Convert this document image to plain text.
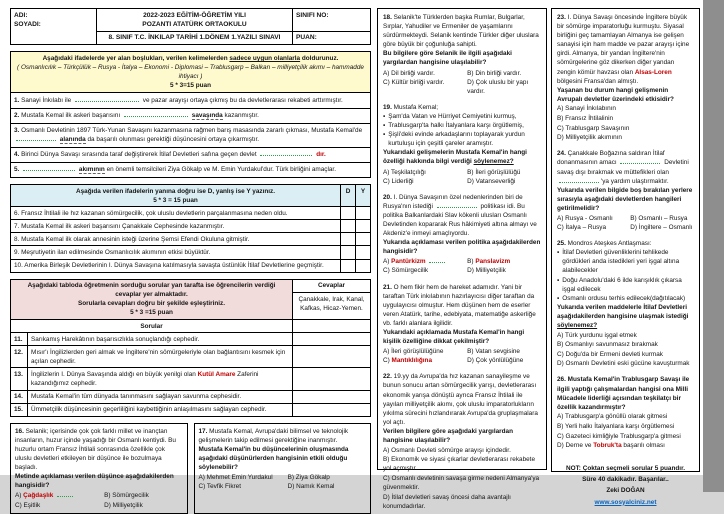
ADI:
SOYADI:

2022-2023 EĞİTİM-ÖĞRETİM YILI
POZANTI ATATÜRK ORTAOKULU

SINIFI NO:

	8. SINIF T.C. İNKILAP TARİHİ 1.DÖNEM 1.YAZILI SINAVI	PUAN:
Aşağıdaki ifadelerde yer alan boşlukları, verilen kelimelerden sadece uygun olanlarla doldurunuz.
( Osmanlıcılık – Türkçülük – Rusya - İtalya – Ekonomi - Diplomasi – Trablusgarp – Balkan – milliyetçilik akımı – hammadde ihtiyacı )
5 * 3=15 puan

1. Sanayi İnkılabı ile	ve pazar arayışı ortaya çıkmış bu da devletlerarası rekabeti arttırmıştır.
2. Mustafa Kemal ilk askeri başarısını	savaşında kazanmıştır.
3. Osmanlı Devletinin 1897 Türk-Yunan Savaşını kazanmasına rağmen barış masasında zararlı çıkması, Mustafa Kemal'de  alanında da başarılı olunması gerektiği düşüncesini ortaya çıkarmıştır.
4. Birinci Dünya Savaşı sırasında taraf değiştirerek İtilaf Devletleri safına geçen devlet	dır.
5.	akımının en önemli temsilcileri Ziya Gökalp ve M. Emin Yurdakul'dur. Türk birliğini amaçlar.
Aşağıda verilen ifadelerin yanına doğru ise D, yanlış ise Y yazınız.
5 * 3 = 15 puan	D	Y
6. Fransız İhtilali ile hız kazanan sömürgecilik, çok uluslu devletlerin parçalanmasına neden oldu.		
7. Mustafa Kemal ilk askeri başarısını Çanakkale Cephesinde kazanmıştır.		
8. Mustafa Kemal ilk olarak annesinin isteği üzerine Şemsi Efendi Okuluna gitmiştir.		
9. Meşrutiyetin ilan edilmesinde Osmanlıcılık akımının etkisi büyüktür.		
10. Amerika Birleşik Devletlerinin I. Dünya Savaşına katılmasıyla savaşta üstünlük İtilaf Devletlerine geçmiştir.		
Aşağıdaki tabloda öğretmenin sorduğu sorular yan tarafta ise öğrencilerin verdiği cevaplar yer almaktadır.
Sorularla cevapları doğru bir şekilde eşleştiriniz.
5 * 3 =15 puan

Cevaplar
Çanakkale, Irak, Kanal, Kafkas, Hicaz-Yemen.

Sorular		
11.	Sarıkamış Harekâtının başarısızlıkla sonuçlandığı cephedir.	
12.	Mısır'ı İngilizlerden geri almak ve İngiltere'nin sömürgeleriyle olan bağlantısını kesmek için açılan cephedir.	
13.	İngilizlerin I. Dünya Savaşında aldığı en büyük yenilgi olan Kutül Amare Zaferini kazandığımız cephedir.	
14.	Mustafa Kemal'in tüm dünyada tanınmasını sağlayan savunma cephesidir.	
15.	Ümmetçilik düşüncesinin geçerliliğini kaybettiğinin anlaşılmasını sağlayan cephedir.	
16. Selanik; içerisinde çok çok farklı millet ve inançtan insanların, huzur içinde yaşadığı bir Osmanlı kentiydi. Bu huzurlu ortam Fransız İhtilali sonrasında özellikle çok uluslu devletleri etkileyen bir düşünce ile bozulmaya başladı.
Metinde açıklaması verilen düşünce aşağıdakilerden hangisidir?
A) Çağdaşlık	B) Sömürgecilik
C) Eşitlik	D) Milliyetçilik
17. Mustafa Kemal, Avrupa'daki bilimsel ve teknolojik gelişmelerin takip edilmesi gerektiğine inanmıştır.
Mustafa Kemal'in bu düşüncelerinin oluşmasında aşağıdaki düşünürlerden hangisinin etkili olduğu söylenebilir?
A) Mehmet Emin Yurdakul	B) Ziya Gökalp
C) Tevfik Fikret	D) Namık Kemal
18. Selanik'te Türklerden başka Rumlar, Bulgarlar, Sırplar, Yahudiler ve Ermeniler de yaşamlarını sürdürmekteydi. Selanik kentinde Türkler diğer uluslara göre büyük bir çoğunluğa sahipti.
Bu bilgilere göre Selanik ile ilgili aşağıdaki yargılardan hangisine ulaşılabilir?
A) Dil birliği vardır.	B) Din birliği vardır.
C) Kültür birliği vardır.	D) Çok uluslu bir yapı vardır.
19. Mustafa Kemal;
▪ Şam'da Vatan ve Hürriyet Cemiyetini kurmuş,
▪ Trablusgarp'ta halkı İtalyanlara karşı örgütlemiş,
▪ Şişli'deki evinde arkadaşlarını toplayarak yurdun kurtuluşu için çeşitli çareler aramıştır.
Yukarıdaki gelişmelerin Mustafa Kemal'in hangi özelliği hakkında bilgi verdiği söylenemez?
A) Teşkilatçılığı	B) İleri görüşlülüğü
C) Liderliği	D) Vatanseverliği
20. I. Dünya Savaşının özel nedenlerinden biri de Rusya'nın istediği	politikası idi. Bu politika Balkanlardaki Slav kökenli ulusları Osmanlı Devletinden kopararak Rus hâkimiyeti altına almayı ve Akdeniz'e inmeyi amaçlıyordu.
Yukarıda açıklaması verilen politika aşağıdakilerden hangisidir?
A) Pantürkizm	B) Panslavizm
C) Sömürgecilik	D) Milliyetçilik
21. O hem fikir hem de hareket adamıdır. Yani bir taraftan Türk inkılabının hazırlayıcısı diğer taraftan da uygulayıcısı olmuştur. Hem düşünen hem de eserler veren Atatürk, tarihe, edebiyata, matematiğe askerliğe vb. farklı alanlara ilgilidir.
Yukarıdaki açıklamada Mustafa Kemal'in hangi kişilik özelliğine dikkat çekilmiştir?
A) İleri görüşlülüğüne	B) Vatan sevgisine
C) Mantıklılığına	D) Çok yönlülüğüne
22. 19.yy da Avrupa'da hız kazanan sanayileşme ve bunun sonucu artan sömürgecilik yarışı, devletlerarası ekonomik yarışa dönüştü ayrıca Fransız İhtilali ile yayılan milliyetçilik akımı, çok uluslu imparatorlukların yıkılma sürecini hızlandırarak Avrupa'da gruplaşmalara yol açtı.
Verilen bilgilere göre aşağıdaki yargılardan hangisine ulaşılabilir?
A) Osmanlı Devleti sömürge arayışı içindedir.
B) Ekonomik ve siyasi çıkarlar devletlerarası rekabete yol açmıştır.
C) Osmanlı devletinin savaşa girme nedeni Almanya'ya güvenmektir.
D) İtilaf devletleri savaş öncesi daha avantajlı konumdadırlar.
23. I. Dünya Savaşı öncesinde İngiltere büyük bir sömürge imparatorluğu kurmuştu. Siyasal birliğini geç tamamlayan Almanya ise gelişen sanayisi için ham madde ve pazar arayışı içine girdi. Almanya, bir yandan İngiltere'nin sömürgelerine göz dikerken diğer yandan zengin kömür havzası olan Alsas-Loren bölgesini Fransa'dan almıştı.
Yaşanan bu durum hangi gelişmenin Avrupalı devletler üzerindeki etkisidir?
A) Sanayi İnkılabının
B) Fransız İhtilalinin
C) Trablusgarp Savaşının
D) Milliyetçilik akımının
24. Çanakkale Boğazına saldıran İtilaf donanmasının amacı	Devletini savaş dışı bırakmak ve müttefikleri olan 'ya yardım ulaştırmaktır.
Yukarıda verilen bilgide boş bırakılan yerlere sırasıyla aşağıdaki devletlerden hangileri getirilmelidir?
A) Rusya - Osmanlı	B) Osmanlı – Rusya
C) İtalya – Rusya	D) İngiltere – Osmanlı
25. Mondros Ateşkes Antlaşması:
▪ İtilaf Devletleri güvenliklerini tehlikede gördükleri anda istedikleri yeri işgal altına alabilecekler
▪ Doğu Anadolu'daki 6 ilde karışıklık çıkarsa işgal edilecek
▪ Osmanlı ordusu terhis edilecek(dağıtılacak)
Yukarıda verilen maddelerle İtilaf Devletleri aşağıdakilerden hangisine ulaşmak istediği söylenemez?
A) Türk yurdunu işgal etmek
B) Osmanlıyı savunmasız bırakmak
C) Doğu'da bir Ermeni devleti kurmak
D) Osmanlı Devletini eski gücüne kavuşturmak
26. Mustafa Kemal'in Trablusgarp Savaşı ile ilgili yaptığı çalışmalardan hangisi ona Milli Mücadele liderliği açısından teşkilatçı bir özellik kazandırmıştır?
A) Trablusgarp'a gönüllü olarak gitmesi
B) Yerli halkı İtalyanlara karşı örgütlemesi
C) Gazeteci kimliğiyle Trablusgarp'a gitmesi
D) Derne ve Tobruk'ta başarılı olması
NOT: Çoktan seçmeli sorular 5 puandır.
Süre 40 dakikadır. Başarılar..
Zeki DOĞAN
www.sosyalciniz.net
